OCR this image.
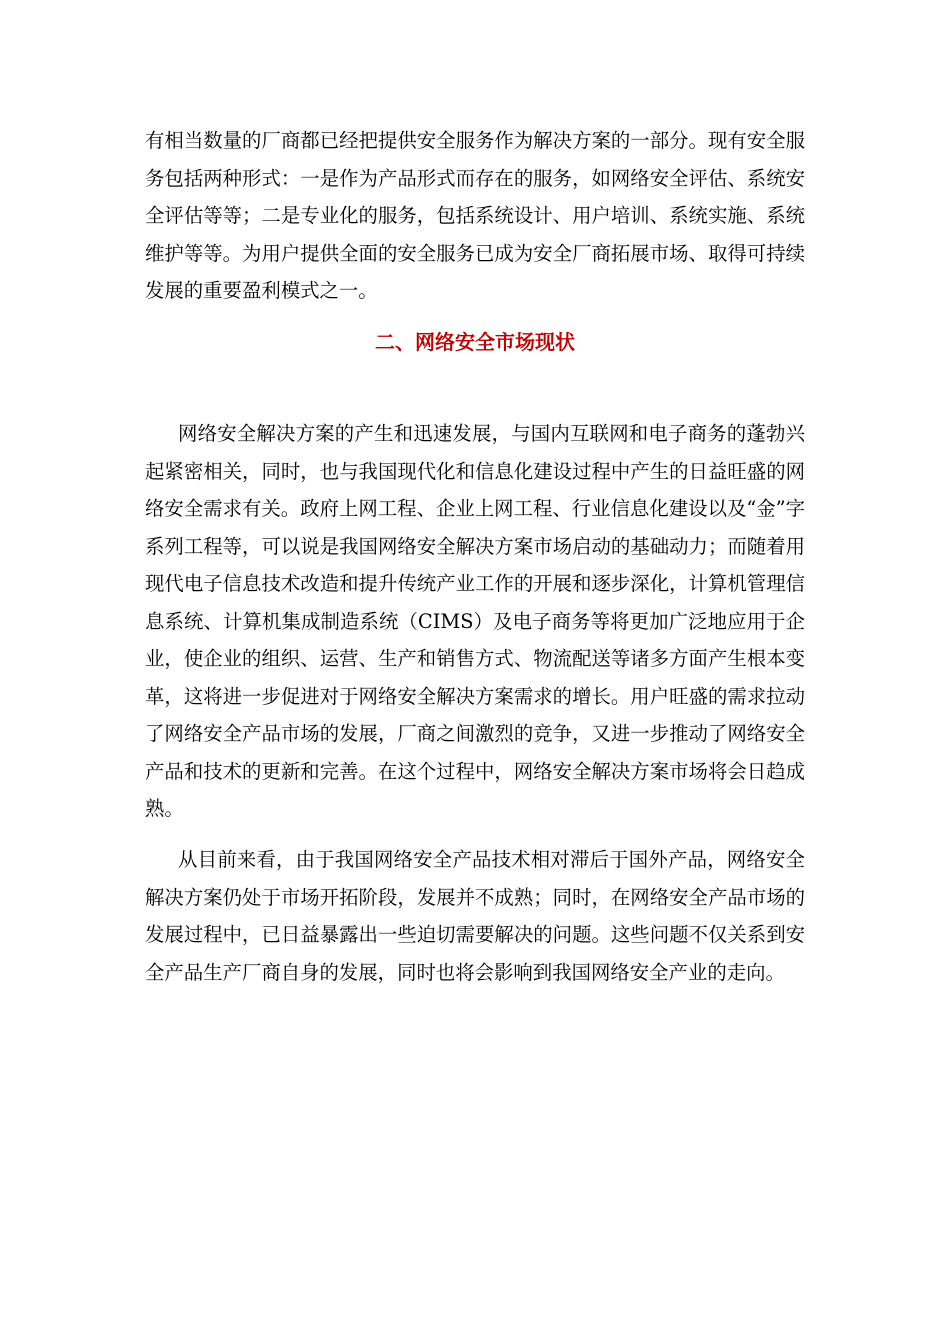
有相当数量的厂商都已经把提供安全服务作为解决方案的一部分。现有安全服务包括两种形式：一是作为产品形式而存在的服务，如网络安全评估、系统安全评估等等；二是专业化的服务，包括系统设计、用户培训、系统实施、系统维护等等。为用户提供全面的安全服务已成为安全厂商拓展市场、取得可持续发展的重要盈利模式之一。

二、网络安全市场现状

网络安全解决方案的产生和迅速发展，与国内互联网和电子商务的蓬勃兴起紧密相关，同时，也与我国现代化和信息化建设过程中产生的日益旺盛的网络安全需求有关。政府上网工程、企业上网工程、行业信息化建设以及“金”字系列工程等，可以说是我国网络安全解决方案市场启动的基础动力；而随着用现代电子信息技术改造和提升传统产业工作的开展和逐步深化，计算机管理信息系统、计算机集成制造系统（CIMS）及电子商务等将更加广泛地应用于企业，使企业的组织、运营、生产和销售方式、物流配送等诸多方面产生根本变革，这将进一步促进对于网络安全解决方案需求的增长。用户旺盛的需求拉动了网络安全产品市场的发展，厂商之间激烈的竞争，又进一步推动了网络安全产品和技术的更新和完善。在这个过程中，网络安全解决方案市场将会日趋成熟。

从目前来看，由于我国网络安全产品技术相对滞后于国外产品，网络安全解决方案仍处于市场开拓阶段，发展并不成熟；同时，在网络安全产品市场的发展过程中，已日益暴露出一些迫切需要解决的问题。这些问题不仅关系到安全产品生产厂商自身的发展，同时也将会影响到我国网络安全产业的走向。
